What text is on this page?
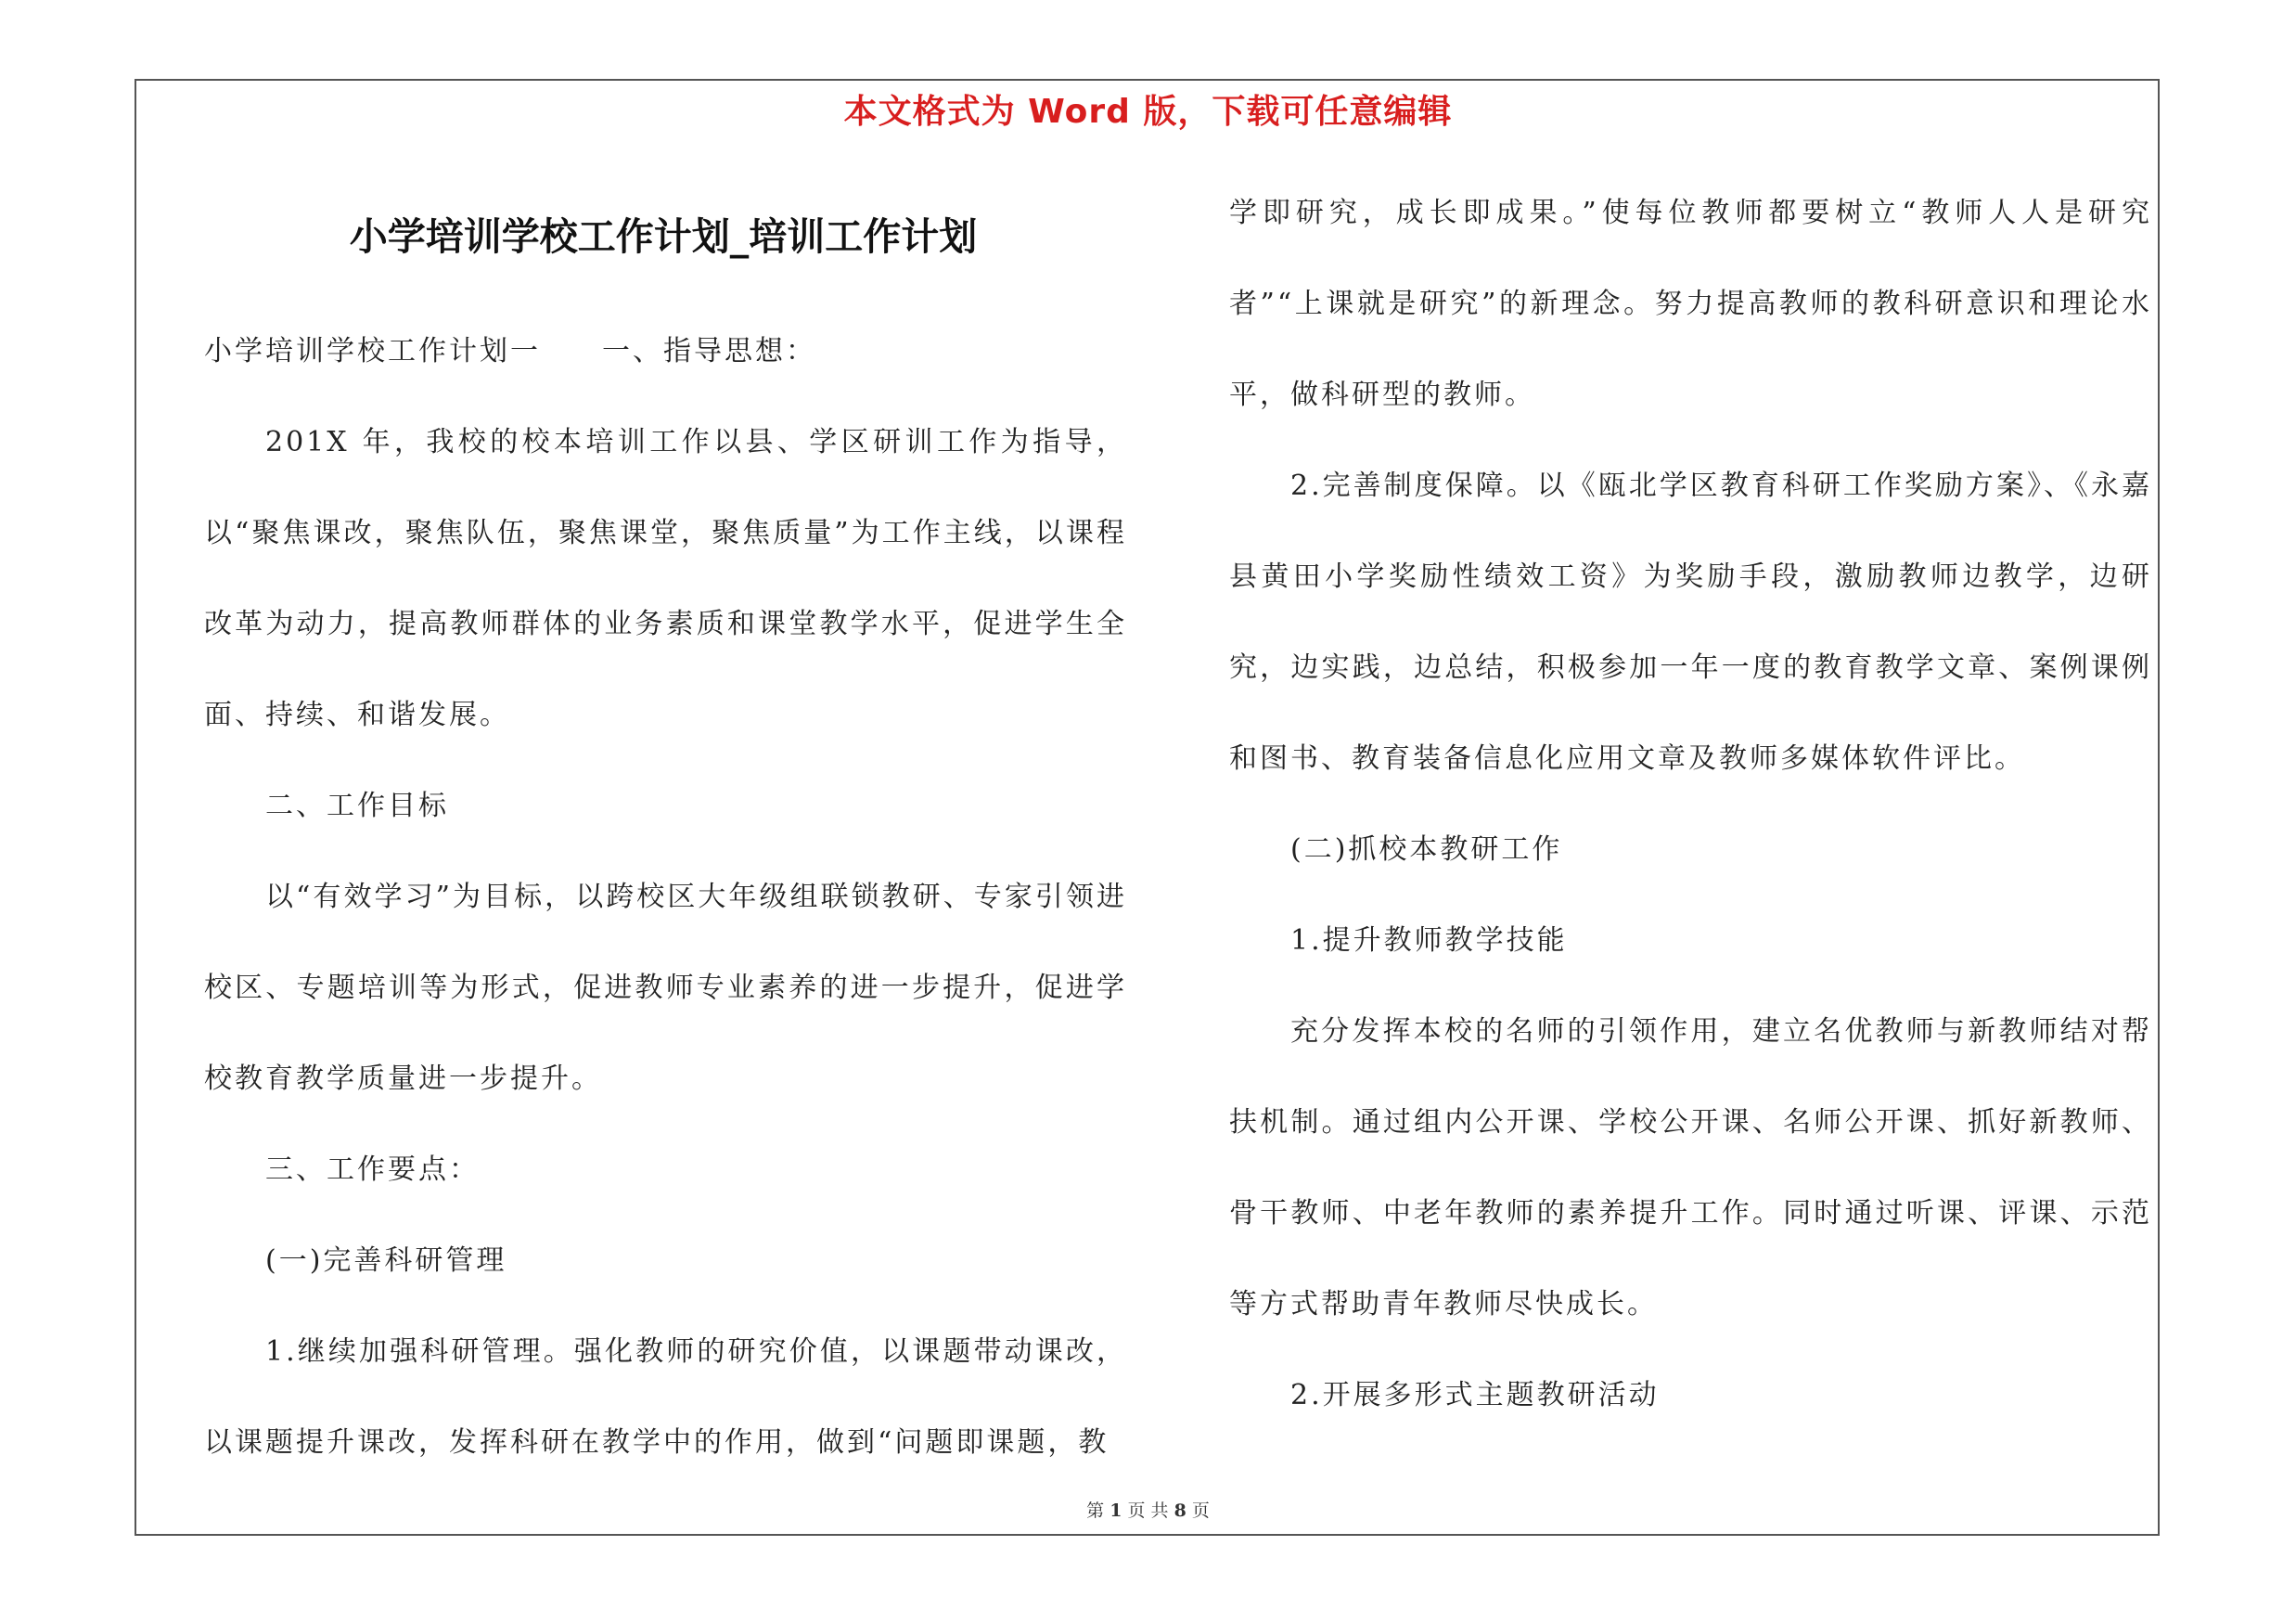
本文格式为 Word 版，下载可任意编辑
小学培训学校工作计划_培训工作计划

小学培训学校工作计划一　　一、指导思想：

201X 年，我校的校本培训工作以县、学区研训工作为指导，以“聚焦课改，聚焦队伍，聚焦课堂，聚焦质量”为工作主线，以课程改革为动力，提高教师群体的业务素质和课堂教学水平，促进学生全面、持续、和谐发展。

二、工作目标

以“有效学习”为目标，以跨校区大年级组联锁教研、专家引领进校区、专题培训等为形式，促进教师专业素养的进一步提升，促进学校教育教学质量进一步提升。

三、工作要点：

(一)完善科研管理

1.继续加强科研管理。强化教师的研究价值，以课题带动课改，以课题提升课改，发挥科研在教学中的作用，做到“问题即课题，教

学即研究，成长即成果。”使每位教师都要树立“教师人人是研究者”“上课就是研究”的新理念。努力提高教师的教科研意识和理论水平，做科研型的教师。

2.完善制度保障。以《瓯北学区教育科研工作奖励方案》、《永嘉县黄田小学奖励性绩效工资》为奖励手段，激励教师边教学，边研究，边实践，边总结，积极参加一年一度的教育教学文章、案例课例和图书、教育装备信息化应用文章及教师多媒体软件评比。

(二)抓校本教研工作

1.提升教师教学技能

充分发挥本校的名师的引领作用，建立名优教师与新教师结对帮扶机制。通过组内公开课、学校公开课、名师公开课、抓好新教师、骨干教师、中老年教师的素养提升工作。同时通过听课、评课、示范等方式帮助青年教师尽快成长。

2.开展多形式主题教研活动

第 1 页 共 8 页
